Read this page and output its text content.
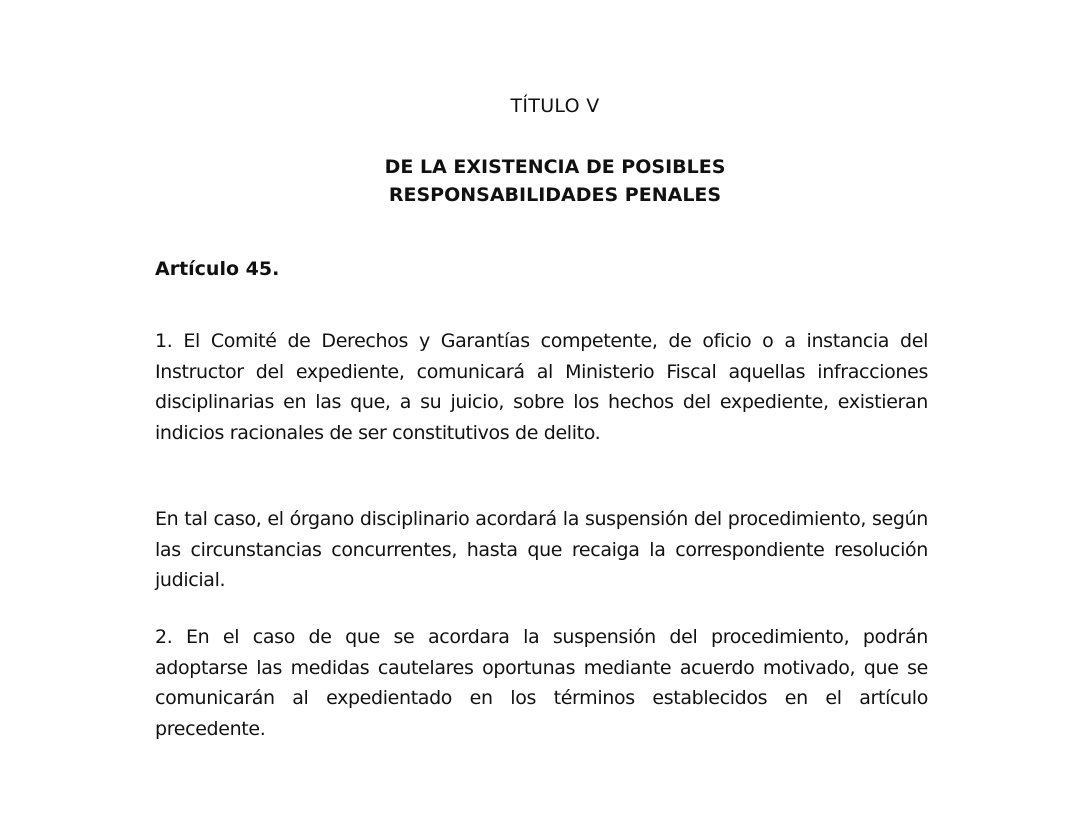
TÍTULO V
DE LA EXISTENCIA DE POSIBLES
RESPONSABILIDADES PENALES
Artículo 45.

1. El Comité de Derechos y Garantías competente, de oficio o a instancia del Instructor del expediente, comunicará al Ministerio Fiscal aquellas infracciones disciplinarias en las que, a su juicio, sobre los hechos del expediente, existieran indicios racionales de ser constitutivos de delito.

En tal caso, el órgano disciplinario acordará la suspensión del procedimiento, según las circunstancias concurrentes, hasta que recaiga la correspondiente resolución judicial.

2. En el caso de que se acordara la suspensión del procedimiento, podrán adoptarse las medidas cautelares oportunas mediante acuerdo motivado, que se comunicarán al expedientado en los términos establecidos en el artículo precedente.
